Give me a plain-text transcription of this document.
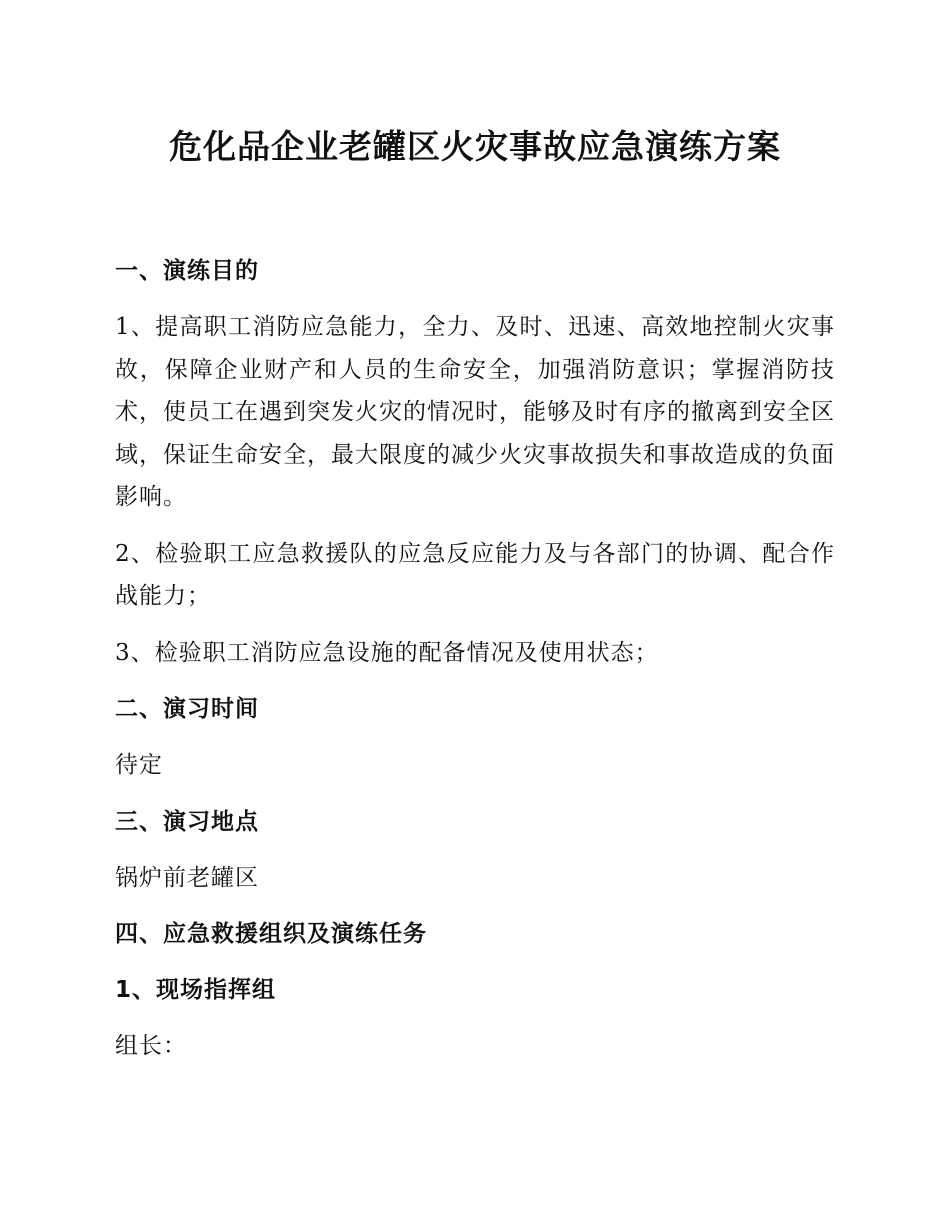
危化品企业老罐区火灾事故应急演练方案
一、演练目的
1、提高职工消防应急能力，全力、及时、迅速、高效地控制火灾事故，保障企业财产和人员的生命安全，加强消防意识；掌握消防技术，使员工在遇到突发火灾的情况时，能够及时有序的撤离到安全区域，保证生命安全，最大限度的减少火灾事故损失和事故造成的负面影响。
2、检验职工应急救援队的应急反应能力及与各部门的协调、配合作战能力；
3、检验职工消防应急设施的配备情况及使用状态；
二、演习时间
待定
三、演习地点
锅炉前老罐区
四、应急救援组织及演练任务
1、现场指挥组
组长：
